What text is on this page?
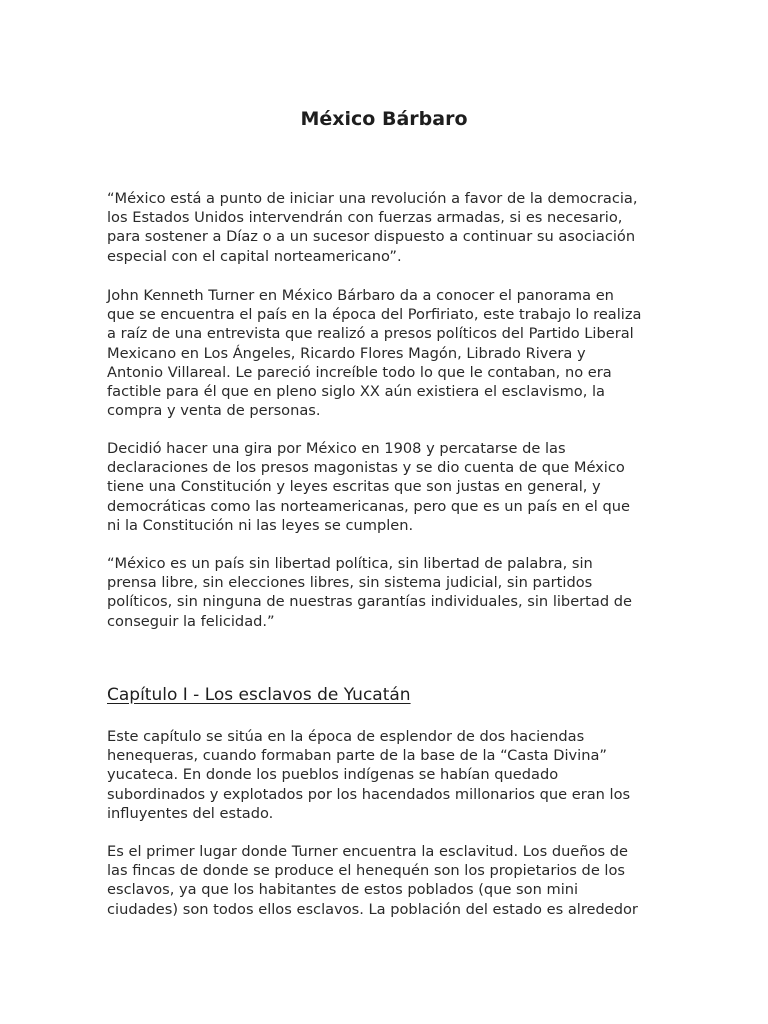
México Bárbaro

“México está a punto de iniciar una revolución a favor de la democracia,
los Estados Unidos intervendrán con fuerzas armadas, si es necesario,
para sostener a Díaz o a un sucesor dispuesto a continuar su asociación
especial con el capital norteamericano”.

John Kenneth Turner en México Bárbaro da a conocer el panorama en
que se encuentra el país en la época del Porfiriato, este trabajo lo realiza
a raíz de una entrevista que realizó a presos políticos del Partido Liberal
Mexicano en Los Ángeles, Ricardo Flores Magón, Librado Rivera y
Antonio Villareal. Le pareció increíble todo lo que le contaban, no era
factible para él que en pleno siglo XX aún existiera el esclavismo, la
compra y venta de personas.

Decidió hacer una gira por México en 1908 y percatarse de las
declaraciones de los presos magonistas y se dio cuenta de que México
tiene una Constitución y leyes escritas que son justas en general, y
democráticas como las norteamericanas, pero que es un país en el que
ni la Constitución ni las leyes se cumplen.

“México es un país sin libertad política, sin libertad de palabra, sin
prensa libre, sin elecciones libres, sin sistema judicial, sin partidos
políticos, sin ninguna de nuestras garantías individuales, sin libertad de
conseguir la felicidad.”

Capítulo I - Los esclavos de Yucatán

Este capítulo se sitúa en la época de esplendor de dos haciendas
henequeras, cuando formaban parte de la base de la “Casta Divina”
yucateca. En donde los pueblos indígenas se habían quedado
subordinados y explotados por los hacendados millonarios que eran los
influyentes del estado.

Es el primer lugar donde Turner encuentra la esclavitud. Los dueños de
las fincas de donde se produce el henequén son los propietarios de los
esclavos, ya que los habitantes de estos poblados (que son mini
ciudades) son todos ellos esclavos. La población del estado es alrededor
